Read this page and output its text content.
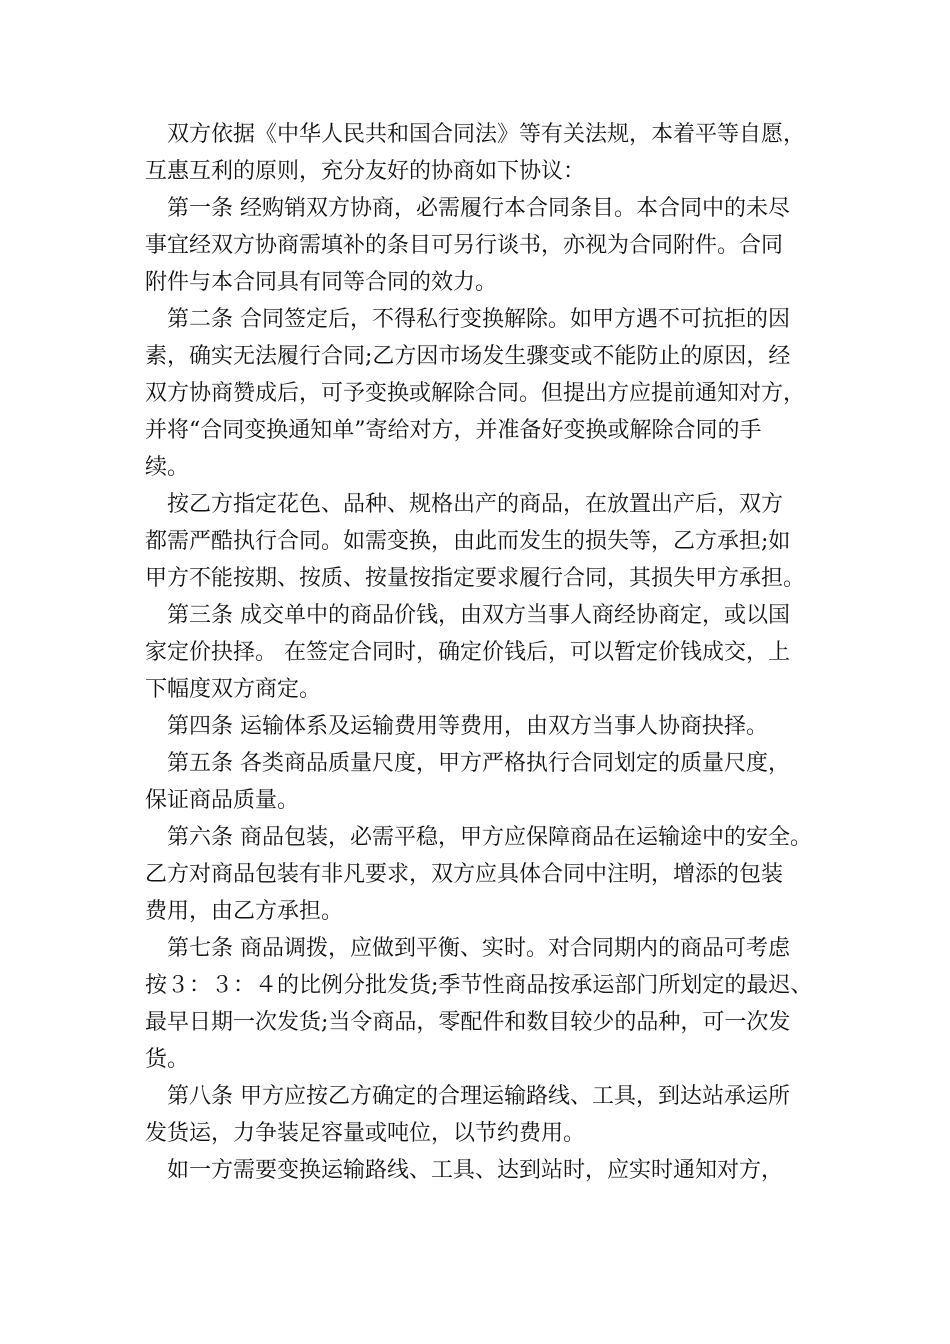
双方依据《中华人民共和国合同法》等有关法规，本着平等自愿，
互惠互利的原则，充分友好的协商如下协议：

第一条 经购销双方协商，必需履行本合同条目。本合同中的未尽
事宜经双方协商需填补的条目可另行谈书，亦视为合同附件。合同
附件与本合同具有同等合同的效力。

第二条 合同签定后，不得私行变换解除。如甲方遇不可抗拒的因
素，确实无法履行合同;乙方因市场发生骤变或不能防止的原因，经
双方协商赞成后，可予变换或解除合同。但提出方应提前通知对方，
并将“合同变换通知单”寄给对方，并准备好变换或解除合同的手
续。

按乙方指定花色、品种、规格出产的商品，在放置出产后，双方
都需严酷执行合同。如需变换，由此而发生的损失等，乙方承担;如
甲方不能按期、按质、按量按指定要求履行合同，其损失甲方承担。

第三条 成交单中的商品价钱，由双方当事人商经协商定，或以国
家定价抉择。 在签定合同时，确定价钱后，可以暂定价钱成交，上
下幅度双方商定。

第四条 运输体系及运输费用等费用，由双方当事人协商抉择。

第五条 各类商品质量尺度，甲方严格执行合同划定的质量尺度，
保证商品质量。

第六条 商品包装，必需平稳，甲方应保障商品在运输途中的安全。
乙方对商品包装有非凡要求，双方应具体合同中注明，增添的包装
费用，由乙方承担。

第七条 商品调拨，应做到平衡、实时。对合同期内的商品可考虑
按３：３：４的比例分批发货;季节性商品按承运部门所划定的最迟、
最早日期一次发货;当令商品，零配件和数目较少的品种，可一次发
货。

第八条 甲方应按乙方确定的合理运输路线、工具，到达站承运所
发货运，力争装足容量或吨位，以节约费用。

如一方需要变换运输路线、工具、达到站时，应实时通知对方，
